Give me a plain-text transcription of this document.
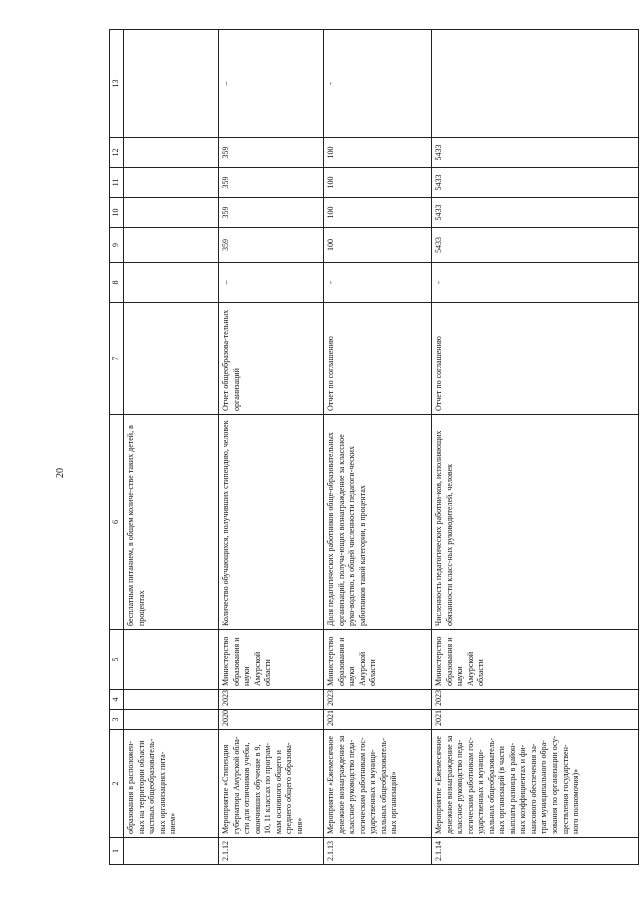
20
1	2	3	4	5	6	7	8	9	10	11	12	13
	образования в расположен-ных на территории области частных общеобразователь-ных организациях пита-нием»				бесплатным питанием, в общем количе-стве таких детей, в процентах							
2.1.12	Мероприятие «Стипендия губернатора Амурской обла-сти для отличников учебы, окончивших обучение в 9, 10, 11 классах по програм-мам основного общего и среднего общего образова-ния»	2020	2023	Министерство образования и науки Амурской области	Количество обучающихся, получивших стипендию, человек	Отчет общеобразова-тельных организаций	–	359	359	359	359	–
2.1.13	Мероприятие «Ежемесячное денежное вознаграждение за классное руководство педа-гогическим работникам гос-ударственных и муници-пальных общеобразователь-ных организаций»	2021	2023	Министерство образования и науки Амурской области	Доля педагогических работников обще-образовательных организаций, получа-ющих вознаграждение за классное руко-водство, в общей численности педагоги-ческих работников такой категории, в процентах	Отчет по соглашению	-	100	100	100	100	-
2.1.14	Мероприятие «Ежемесячное денежное вознаграждение за классное руководство педа-гогическим работникам гос-ударственных и муници-пальных общеобразователь-ных организаций (в части выплаты разницы в район-ных коэффициентах и фи-нансового обеспечения за-трат муниципального обра-зования по организации осу-ществления государствен-ного полномочия)»	2021	2023	Министерство образования и науки Амурской области	Численность педагогических работни-ков, исполняющих обязанности класс-ных руководителей, человек	Отчет по соглашению	-	5433	5433	5433	5433	
